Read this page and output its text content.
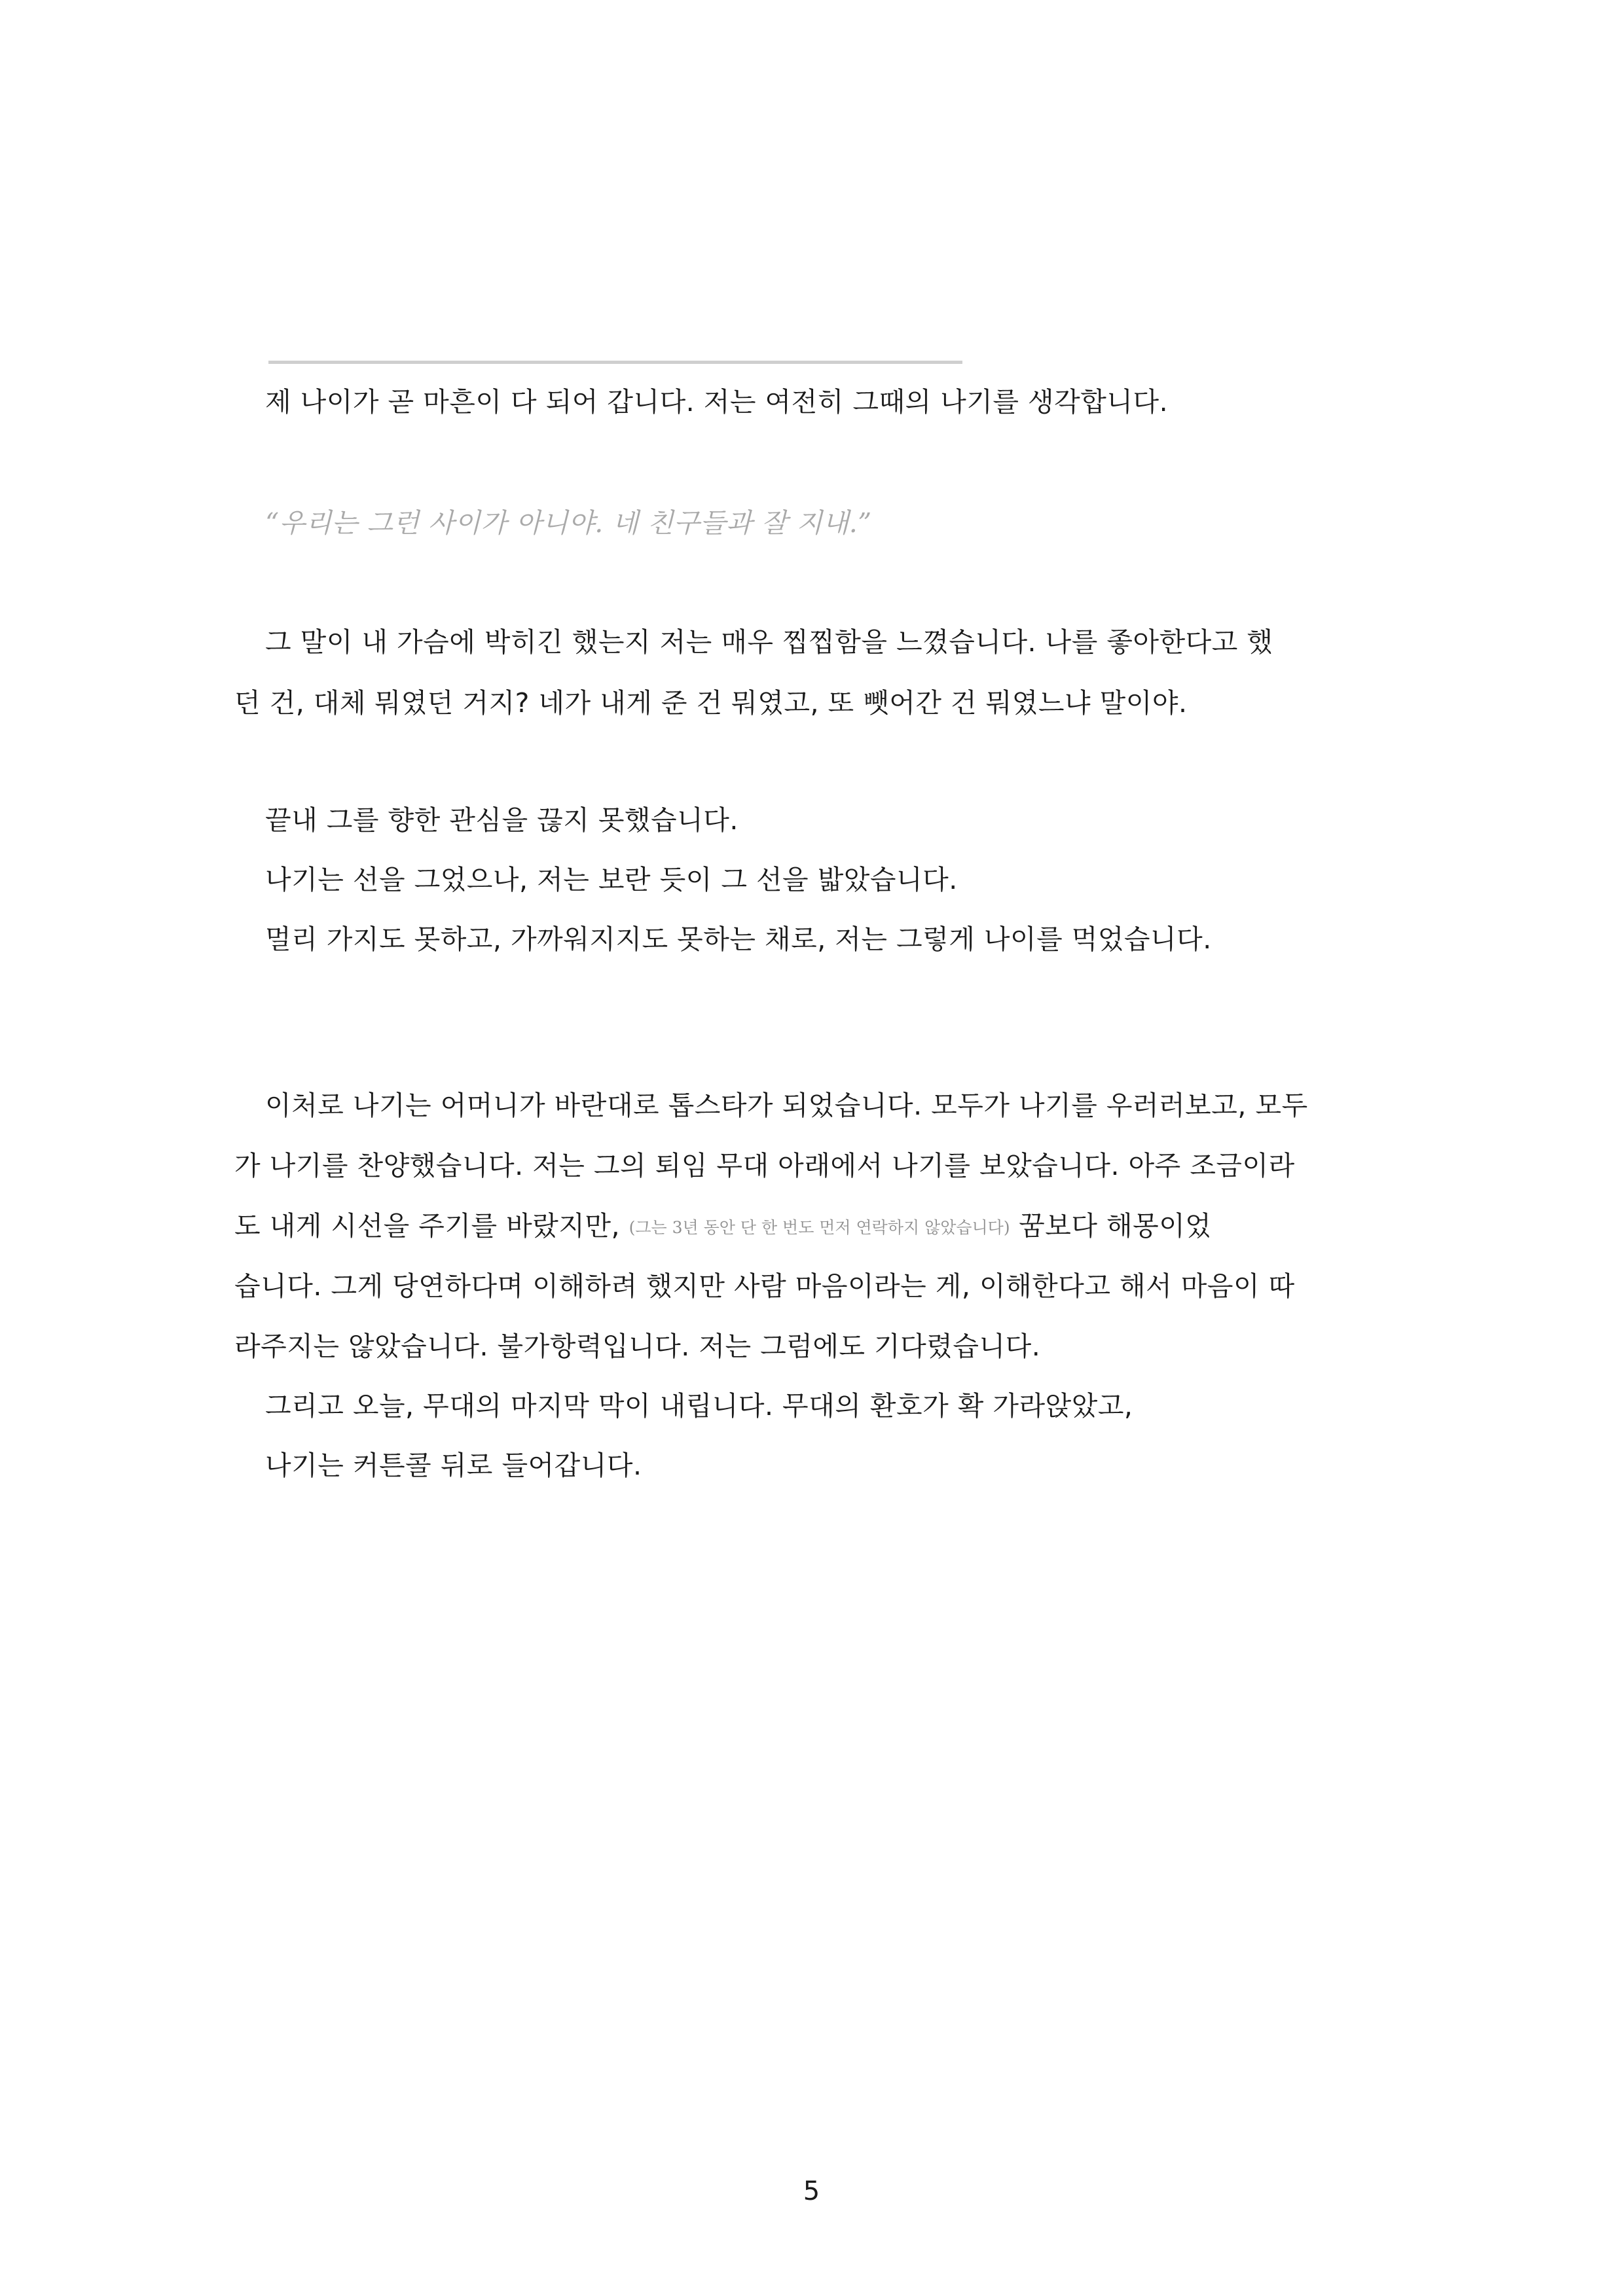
제 나이가 곧 마흔이 다 되어 갑니다. 저는 여전히 그때의 나기를 생각합니다.
“우리는 그런 사이가 아니야. 네 친구들과 잘 지내.”
그 말이 내 가슴에 박히긴 했는지 저는 매우 찝찝함을 느꼈습니다. 나를 좋아한다고 했
던 건, 대체 뭐였던 거지? 네가 내게 준 건 뭐였고, 또 뺏어간 건 뭐였느냐 말이야.
끝내 그를 향한 관심을 끊지 못했습니다.
나기는 선을 그었으나, 저는 보란 듯이 그 선을 밟았습니다.
멀리 가지도 못하고, 가까워지지도 못하는 채로, 저는 그렇게 나이를 먹었습니다.
이처로 나기는 어머니가 바란대로 톱스타가 되었습니다. 모두가 나기를 우러러보고, 모두
가 나기를 찬양했습니다. 저는 그의 퇴임 무대 아래에서 나기를 보았습니다. 아주 조금이라
도 내게 시선을 주기를 바랐지만, (그는 3년 동안 단 한 번도 먼저 연락하지 않았습니다) 꿈보다 해몽이었
습니다. 그게 당연하다며 이해하려 했지만 사람 마음이라는 게, 이해한다고 해서 마음이 따
라주지는 않았습니다. 불가항력입니다. 저는 그럼에도 기다렸습니다.
그리고 오늘, 무대의 마지막 막이 내립니다. 무대의 환호가 확 가라앉았고,
나기는 커튼콜 뒤로 들어갑니다.
5
